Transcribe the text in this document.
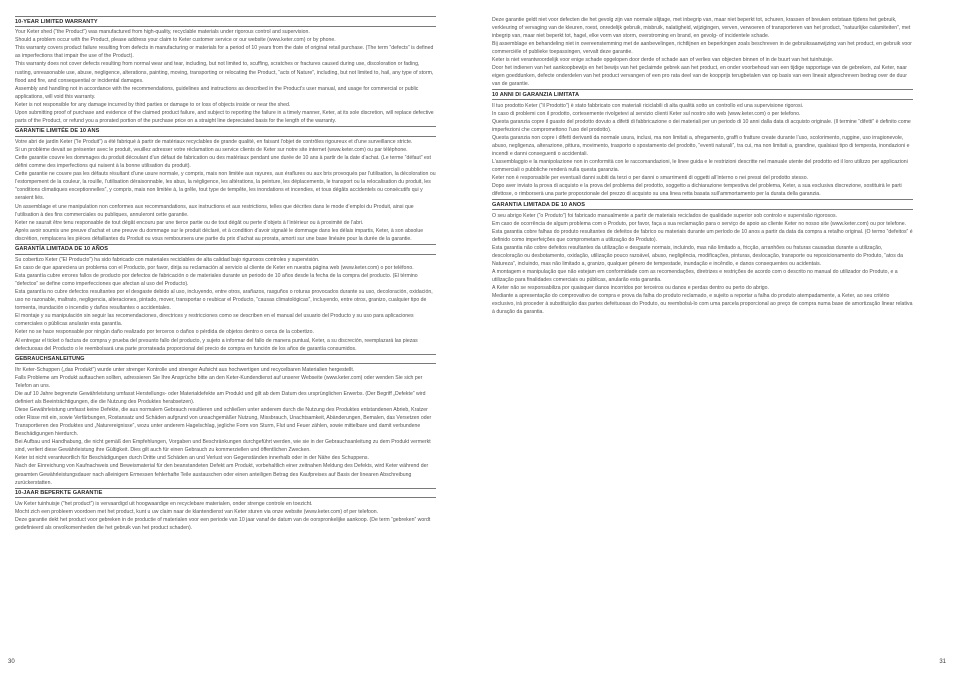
10-YEAR LIMITED WARRANTY

Your Keter shed (“the Product”) was manufactured from high-quality, recyclable materials under rigorous control and supervision.

Should a problem occur with the Product, please address your claim to Keter customer service or our website (www.keter.com) or by phone.

This warranty covers product failure resulting from defects in manufacturing or materials for a period of 10 years from the date of original retail purchase. (The term “defects” is defined as imperfections that impair the use of the Product).

This warranty does not cover defects resulting from normal wear and tear, including, but not limited to, scuffing, scratches or fractures caused during use, discoloration or fading, rusting, unreasonable use, abuse, negligence, alterations, painting, moving, transporting or relocating the Product, “acts of Nature”, including, but not limited to, hail, any type of storm, flood and fire, and consequential or incidental damages.

Assembly and handling not in accordance with the recommendations, guidelines and instructions as described in the Product’s user manual, and usage for commercial or public applications, will void this warranty.

Keter is not responsible for any damage incurred by third parties or damage to or loss of objects inside or near the shed.

Upon submitting proof of purchase and evidence of the claimed product failure, and subject to reporting the failure in a timely manner, Keter, at its sole discretion, will replace defective parts of the Product, or refund you a prorated portion of the purchase price on a straight line depreciated basis for the length of the warranty.

GARANTIE LIMITÉE DE 10 ANS

Votre abri de jardin Keter (“le Produit”) a été fabriqué à partir de matériaux recyclables de grande qualité, en faisant l’objet de contrôles rigoureux et d’une surveillance stricte.

Si un problème devait se présenter avec le produit, veuillez adresser votre réclamation au service clients de Keter sur notre site internet (www.keter.com) ou par téléphone.

Cette garantie couvre les dommages du produit découlant d’un défaut de fabrication ou des matériaux pendant une durée de 10 ans à partir de la date d’achat. (Le terme “défaut” est défini comme des imperfections qui nuisent à la bonne utilisation du produit).

Cette garantie ne couvre pas les défauts résultant d’une usure normale, y compris, mais non limitée aux rayures, aux éraflures ou aux bris provoqués par l’utilisation, la décoloration ou l’estompement de la couleur, la rouille, l’utilisation déraisonnable, les abus, la négligence, les altérations, la peinture, les déplacements, le transport ou la relocalisation du produit, les “conditions climatiques exceptionnelles”, y compris, mais non limitée à, la grêle, tout type de tempête, les inondations et incendies, et tous dégâts accidentels ou consécutifs qui y seraient liés.

Un assemblage et une manipulation non conformes aux recommandations, aux instructions et aux restrictions, telles que décrites dans le mode d’emploi du Produit, ainsi que l’utilisation à des fins commerciales ou publiques, annuleront cette garantie.

Keter ne saurait être tenu responsable de tout dégât encouru par une tierce partie ou de tout dégât ou perte d’objets à l’intérieur ou à proximité de l’abri.

Après avoir soumis une preuve d’achat et une preuve du dommage sur le produit déclaré, et à condition d’avoir signalé le dommage dans les délais impartis, Keter, à son absolue discrétion, remplacera les pièces défaillantes du Produit ou vous remboursera une partie du prix d’achat au prorata, amorti sur une base linéaire pour la durée de la garantie.

GARANTÍA LIMITADA DE 10 AÑOS

Su cobertizo Keter (“El Producto”) ha sido fabricado con materiales reciclables de alta calidad bajo rigurosos controles y supervisión.

En caso de que apareciera un problema con el Producto, por favor, dirija su reclamación al servicio al cliente de Keter en nuestra página web (www.keter.com) o por teléfono.

Esta garantía cubre errores fallos de producto por defectos de fabricación o de materiales durante un periodo de 10 años desde la fecha de la compra del producto. (El término “defectos” se define como imperfecciones que afectan al uso del Producto).

Esta garantía no cubre defectos resultantes por el desgaste debido al uso, incluyendo, entre otros, arañazos, rasguños o roturas provocados durante su uso, decoloración, oxidación, uso no razonable, maltrato, negligencia, alteraciones, pintado, mover, transportar o reubicar el Producto, “causas climatológicas”, incluyendo, entre otros, granizo, cualquier tipo de tormenta, inundación o incendio y daños resultantes o accidentales.

El montaje y su manipulación sin seguir las recomendaciones, directrices y restricciones como se describen en el manual del usuario del Producto y su uso para aplicaciones comerciales o públicas anularán esta garantía.

Keter no se hace responsable por ningún daño realizado por terceros o daños o pérdida de objetos dentro o cerca de la cobertizo.

Al entregar el ticket o factura de compra y prueba del presunto fallo del producto, y sujeto a informar del fallo de manera puntual, Keter, a su discreción, reemplazará las piezas defectuosas del Producto o le reembolsará una parte prorrateada proporcional del precio de compra en función de los años de garantía consumidos.

GEBRAUCHSANLEITUNG

Ihr Keter-Schuppen („das Produkt“) wurde unter strenger Kontrolle und strenger Aufsicht aus hochwertigen und recycelbaren Materialien hergestellt.

Falls Probleme am Produkt auftauchen sollten, adressieren Sie Ihre Ansprüche bitte an den Keter-Kundendienst auf unserer Webseite (www.keter.com) oder wenden Sie sich per Telefon an uns.

Die auf 10 Jahre begrenzte Gewährleistung umfasst Herstellungs- oder Materialdefekte am Produkt und gilt ab dem Datum des ursprünglichen Erwerbs. (Der Begriff „Defekte“ wird definiert als Beeinträchtigungen, die die Nutzung des Produktes herabsetzen).

Diese Gewährleistung umfasst keine Defekte, die aus normalem Gebrauch resultieren und schließen unter anderem durch die Nutzung des Produktes entstandenen Abrieb, Kratzer oder Risse mit ein, sowie Verfärbungen, Rostansatz und Schäden aufgrund von unsachgemäßer Nutzung, Missbrauch, Unachtsamkeit, Abänderungen, Bemalen, das Versetzen oder Transportieren des Produktes und „Naturereignisse“, wozu unter anderem Hagelschlag, jegliche Form von Sturm, Flut und Feuer zählen, sowie mittelbare und damit verbundene Beschädigungen hierdurch.

Bei Aufbau und Handhabung, die nicht gemäß den Empfehlungen, Vorgaben und Beschränkungen durchgeführt werden, wie sie in der Gebrauchsanleitung zu dem Produkt vermerkt sind, verliert diese Gewährleistung ihre Gültigkeit. Dies gilt auch für einen Gebrauch zu kommerziellen und öffentlichen Zwecken.

Keter ist nicht verantwortlich für Beschädigungen durch Dritte und Schäden an und Verlust von Gegenständen innerhalb oder in der Nähe des Schuppens.

Nach der Einreichung von Kaufnachweis und Beweismaterial für den beanstandeten Defekt am Produkt, vorbehaltlich einer zeitnahen Meldung des Defekts, wird Keter während der gesamten Gewährleistungsdauer nach alleinigem Ermessen fehlerhafte Teile austauschen oder einen anteiligen Betrag des Kaufpreises auf Basis der linearen Abschreibung zurückerstatten.

10-JAAR BEPERKTE GARANTIE

Uw Keter tuinhuisje (“het product”) is vervaardigd uit hoogwaardige en recyclebare materialen, onder strenge controle en toezicht.

Mocht zich een probleem voordoen met het product, kunt u uw claim naar de klantendienst van Keter sturen via onze website (www.keter.com) of per telefoon.

Deze garantie dekt het product voor gebreken in de productie of materialen voor een periode van 10 jaar vanaf de datum van de oorspronkelijke aankoop. (De term “gebreken” wordt gedefinieerd als onvolkomenheden die het gebruik van het product schaden).

30

Deze garantie geldt niet voor defecten die het gevolg zijn van normale slijtage, met inbegrip van, maar niet beperkt tot, schuren, krassen of breuken ontstaan tijdens het gebruik, verkleuring of vervaging van de kleuren, roest, onredelijk gebruik, misbruik, nalatigheid, wijzigingen, verven, verwoeren of transporteren van het product, “natuurlijke calamiteiten”, met inbegrip van, maar niet beperkt tot, hagel, elke vorm van storm, overstroming en brand, en gevolg- of incidentele schade.

Bij assemblage en behandeling niet in overeenstemming met de aanbevelingen, richtlijnen en beperkingen zoals beschreven in de gebruiksaanwijzing van het product, en gebruik voor commerciële of publieke toepassingen, vervalt deze garantie.

Keter is niet verantwoordelijk voor enige schade opgelopen door derde of schade aan of verlies van objecten binnen of in de buurt van het tuinhuisje.

Door het indienen van het aankoopbewijs en het bewijs van het geclaimde gebrek aan het product, en onder voorbehoud van een tijdige rapportage van de gebreken, zal Keter, naar eigen goeddunken, defecte onderdelen van het product vervangen of een pro rata deel van de koopprijs terugbetalen van op basis van een lineair afgeschreven bedrag over de duur van de garantie.

10 ANNI DI GARANZIA LIMITATA

Il tuo prodotto Keter (“il Prodotto”) è stato fabbricato con materiali riciclabili di alta qualità sotto un controllo ed una supervisione rigorosi.

In caso di problemi con il prodotto, cortesemente rivolgetevi al servizio clienti Keter sul nostro sito web (www.keter.com) o per telefono.

Questa garanzia copre il guasto del prodotto dovuto a difetti di fabbricazione o dei materiali per un periodo di 10 anni dalla data di acquisto originale. (Il termine “difetti” è definito come imperfezioni che compromettono l’uso del prodotto).

Questa garanzia non copre i difetti derivanti da normale usura, inclusi, ma non limitati a, sfregamento, graffi o fratture create durante l’uso, scolorimento, ruggine, uso irragionevole, abuso, negligenza, alterazione, pittura, movimento, trasporto o spostamento del prodotto, “eventi naturali”, tra cui, ma non limitati a, grandine, qualsiasi tipo di tempesta, inondazioni e incendi e danni conseguenti o accidentali.

L’assemblaggio e la manipolazione non in conformità con le raccomandazioni, le linee guida e le restrizioni descritte nel manuale utente del prodotto ed il loro utilizzo per applicazioni commerciali o pubbliche renderà nulla questa garanzia.

Keter non è responsabile per eventuali danni subiti da terzi o per danni o smarrimenti di oggetti all’interno o nei pressi del prodotto stesso.

Dopo aver inviato la prova di acquisto e la prova del problema del prodotto, soggetto a dichiarazione tempestiva del problema, Keter, a sua esclusiva discrezione, sostituirà le parti difettose, o rimborserà una parte proporzionale del prezzo di acquisto su una linea retta basata sull’ammortamento per la durata della garanzia.

GARANTIA LIMITADA DE 10 ANOS

O seu abrigo Keter (“o Produto”) foi fabricado manualmente a partir de materiais reciclados de qualidade superior sob controlo e supervisão rigorosos.

Em caso de ocorrência de algum problema com o Produto, por favor, faça a sua reclamação para o serviço de apoio ao cliente Keter no nosso site (www.keter.com) ou por telefone.

Esta garantia cobre falhas do produto resultantes de defeitos de fabrico ou materiais durante um período de 10 anos a partir da data da compra a retalho original. (O termo “defeitos” é definido como imperfeições que comprometam a utilização do Produto).

Esta garantia não cobre defeitos resultantes da utilização e desgaste normais, incluindo, mas não limitado a, fricção, arranhões ou fraturas causadas durante a utilização, descoloração ou desbotamento, oxidação, utilização pouco razoável, abuso, negligência, modificações, pinturas, deslocação, transporte ou reposicionamento do Produto, “atos da Natureza”, incluindo, mas não limitado a, granizo, qualquer género de tempestade, inundação e incêndio, e danos consequentes ou acidentais.

A montagem e manipulação que não estejam em conformidade com as recomendações, diretrizes e restrições de acordo com o descrito no manual do utilizador do Produto, e a utilização para finalidades comerciais ou públicas, anularão esta garantia.

A Keter não se responsabiliza por quaisquer danos incorridos por terceiros ou danos e perdas dentro ou perto do abrigo.

Mediante a apresentação do comprovativo de compra e prova da falha do produto reclamado, e sujeito a reportar a falha do produto atempadamente, a Keter, ao seu critério exclusivo, irá proceder à substituição das partes defeituosas do Produto, ou reembolsá-lo com uma parcela proporcional ao preço de compra numa base de amortização linear relativa à duração da garantia.

31
